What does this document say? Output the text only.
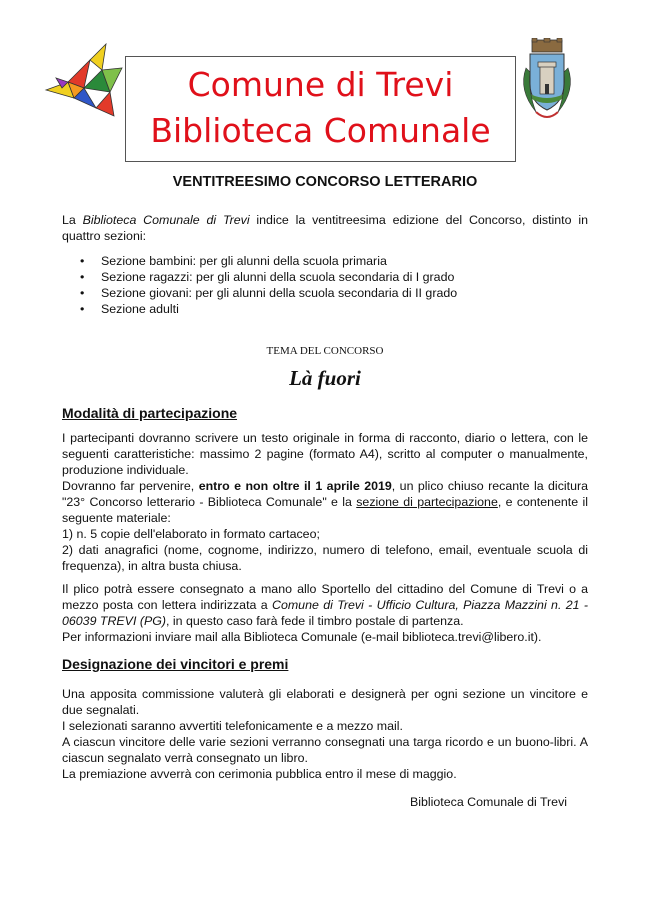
Comune di Trevi
Biblioteca Comunale
VENTITREESIMO CONCORSO LETTERARIO
La Biblioteca Comunale di Trevi indice la ventitreesima edizione del Concorso, distinto in quattro sezioni:
• Sezione bambini: per gli alunni della scuola primaria
• Sezione ragazzi: per gli alunni della scuola secondaria di I grado
• Sezione giovani: per gli alunni della scuola secondaria di II grado
• Sezione adulti
TEMA DEL CONCORSO
Là fuori
Modalità di partecipazione

I partecipanti dovranno scrivere un testo originale in forma di racconto, diario o lettera, con le seguenti caratteristiche: massimo 2 pagine (formato A4), scritto al computer o manualmente, produzione individuale.

Dovranno far pervenire, entro e non oltre il 1 aprile 2019, un plico chiuso recante la dicitura "23° Concorso letterario - Biblioteca Comunale" e la sezione di partecipazione, e contenente il seguente materiale:

1) n. 5 copie dell'elaborato in formato cartaceo;

2) dati anagrafici (nome, cognome, indirizzo, numero di telefono, email, eventuale scuola di frequenza), in altra busta chiusa.

Il plico potrà essere consegnato a mano allo Sportello del cittadino del Comune di Trevi o a mezzo posta con lettera indirizzata a Comune di Trevi - Ufficio Cultura, Piazza Mazzini n. 21 - 06039 TREVI (PG), in questo caso farà fede il timbro postale di partenza.

Per informazioni inviare mail alla Biblioteca Comunale (e-mail biblioteca.trevi@libero.it).

Designazione dei vincitori e premi

Una apposita commissione valuterà gli elaborati e designerà per ogni sezione un vincitore e due segnalati.

I selezionati saranno avvertiti telefonicamente e a mezzo mail.

A ciascun vincitore delle varie sezioni verranno consegnati una targa ricordo e un buono-libri. A ciascun segnalato verrà consegnato un libro.

La premiazione avverrà con cerimonia pubblica entro il mese di maggio.

Biblioteca Comunale di Trevi
